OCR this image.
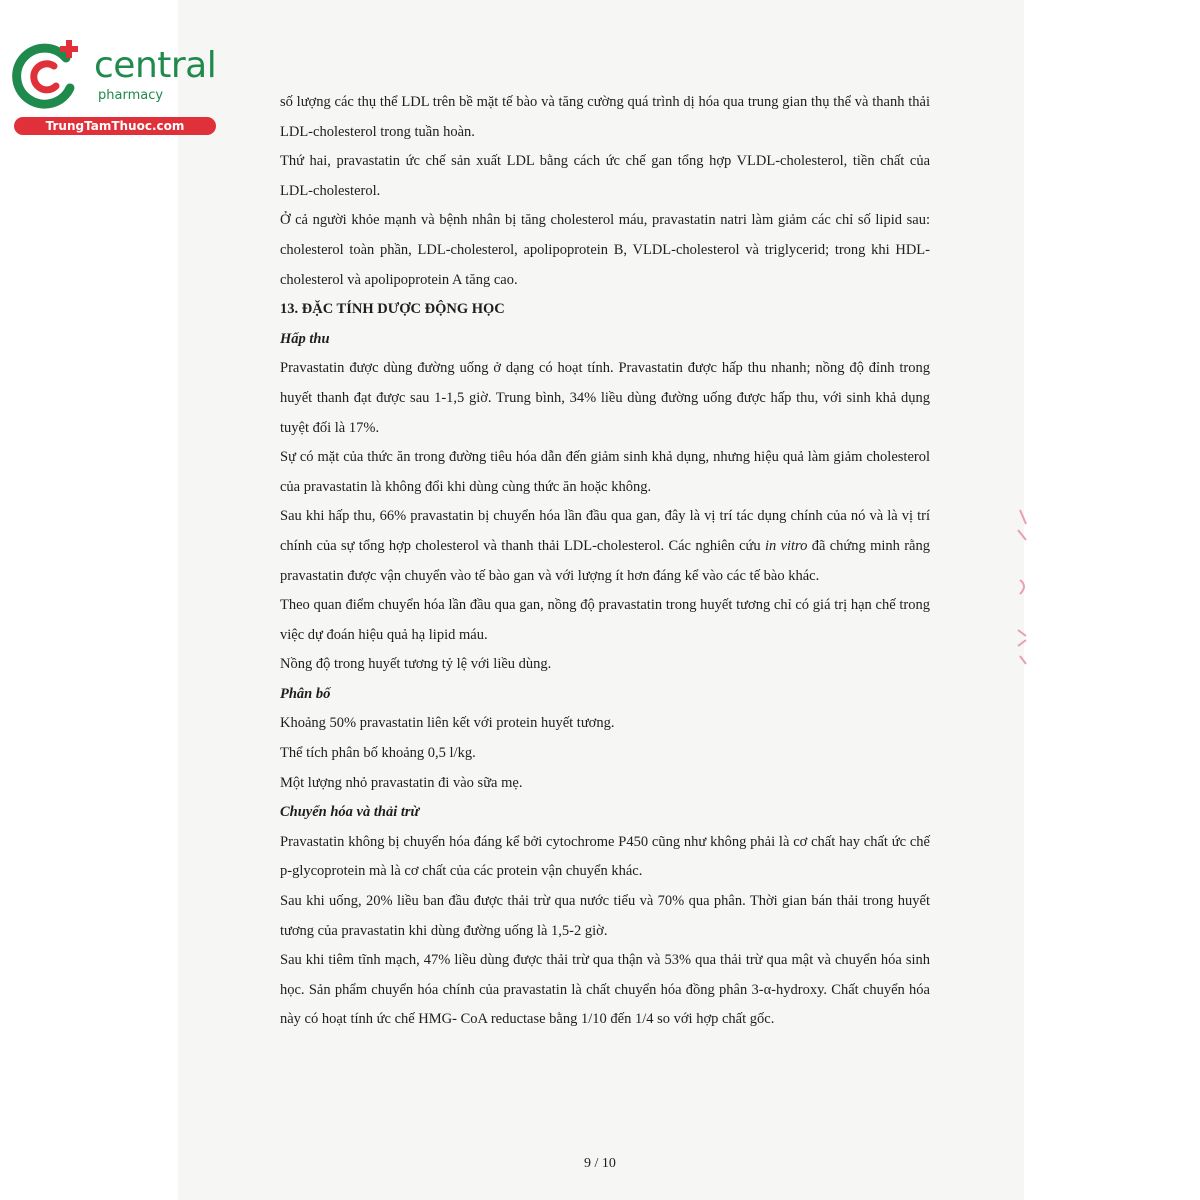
central
pharmacy
TrungTamThuoc.com

số lượng các thụ thể LDL trên bề mặt tế bào và tăng cường quá trình dị hóa qua trung gian thụ thể và thanh thải LDL-cholesterol trong tuần hoàn.

Thứ hai, pravastatin ức chế sản xuất LDL bằng cách ức chế gan tổng hợp VLDL-cholesterol, tiền chất của LDL-cholesterol.

Ở cả người khỏe mạnh và bệnh nhân bị tăng cholesterol máu, pravastatin natri làm giảm các chỉ số lipid sau: cholesterol toàn phần, LDL-cholesterol, apolipoprotein B, VLDL-cholesterol và triglycerid; trong khi HDL-cholesterol và apolipoprotein A tăng cao.

13. ĐẶC TÍNH DƯỢC ĐỘNG HỌC
Hấp thu

Pravastatin được dùng đường uống ở dạng có hoạt tính. Pravastatin được hấp thu nhanh; nồng độ đỉnh trong huyết thanh đạt được sau 1-1,5 giờ. Trung bình, 34% liều dùng đường uống được hấp thu, với sinh khả dụng tuyệt đối là 17%.

Sự có mặt của thức ăn trong đường tiêu hóa dẫn đến giảm sinh khả dụng, nhưng hiệu quả làm giảm cholesterol của pravastatin là không đổi khi dùng cùng thức ăn hoặc không.

Sau khi hấp thu, 66% pravastatin bị chuyển hóa lần đầu qua gan, đây là vị trí tác dụng chính của nó và là vị trí chính của sự tổng hợp cholesterol và thanh thải LDL-cholesterol. Các nghiên cứu in vitro đã chứng minh rằng pravastatin được vận chuyển vào tế bào gan và với lượng ít hơn đáng kể vào các tế bào khác.

Theo quan điểm chuyển hóa lần đầu qua gan, nồng độ pravastatin trong huyết tương chỉ có giá trị hạn chế trong việc dự đoán hiệu quả hạ lipid máu.

Nồng độ trong huyết tương tỷ lệ với liều dùng.

Phân bố

Khoảng 50% pravastatin liên kết với protein huyết tương.

Thể tích phân bố khoảng 0,5 l/kg.

Một lượng nhỏ pravastatin đi vào sữa mẹ.

Chuyển hóa và thải trừ

Pravastatin không bị chuyển hóa đáng kể bởi cytochrome P450 cũng như không phải là cơ chất hay chất ức chế p-glycoprotein mà là cơ chất của các protein vận chuyển khác.

Sau khi uống, 20% liều ban đầu được thải trừ qua nước tiểu và 70% qua phân. Thời gian bán thải trong huyết tương của pravastatin khi dùng đường uống là 1,5-2 giờ.

Sau khi tiêm tĩnh mạch, 47% liều dùng được thải trừ qua thận và 53% qua thải trừ qua mật và chuyển hóa sinh học. Sản phẩm chuyển hóa chính của pravastatin là chất chuyển hóa đồng phân 3-α-hydroxy. Chất chuyển hóa này có hoạt tính ức chế HMG- CoA reductase bằng 1/10 đến 1/4 so với hợp chất gốc.

9 / 10
